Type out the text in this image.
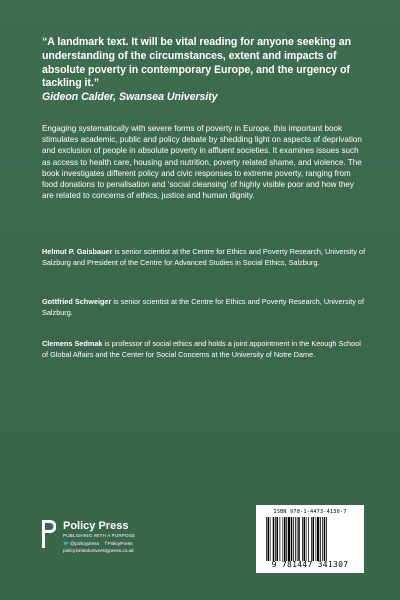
“A landmark text. It will be vital reading for anyone seeking an understanding of the circumstances, extent and impacts of absolute poverty in contemporary Europe, and the urgency of tackling it.”
Gideon Calder, Swansea University
Engaging systematically with severe forms of poverty in Europe, this important book stimulates academic, public and policy debate by shedding light on aspects of deprivation and exclusion of people in absolute poverty in affluent societies. It examines issues such as access to health care, housing and nutrition, poverty related shame, and violence. The book investigates different policy and civic responses to extreme poverty, ranging from food donations to penalisation and ‘social cleansing’ of highly visible poor and how they are related to concerns of ethics, justice and human dignity.
Helmut P. Gaisbauer is senior scientist at the Centre for Ethics and Poverty Research, University of Salzburg and President of the Centre for Advanced Studies in Social Ethics, Salzburg.
Gottfried Schweiger is senior scientist at the Centre for Ethics and Poverty Research, University of Salzburg.
Clemens Sedmak is professor of social ethics and holds a joint appointment in the Keough School of Global Affairs and the Center for Social Concerns at the University of Notre Dame.
Policy Press
PUBLISHING WITH A PURPOSE
🐦@policypress fPolicyPress
policy.bristoluniversitypress.co.uk
ISBN 978-1-4473-4130-7
9 781447 341307
